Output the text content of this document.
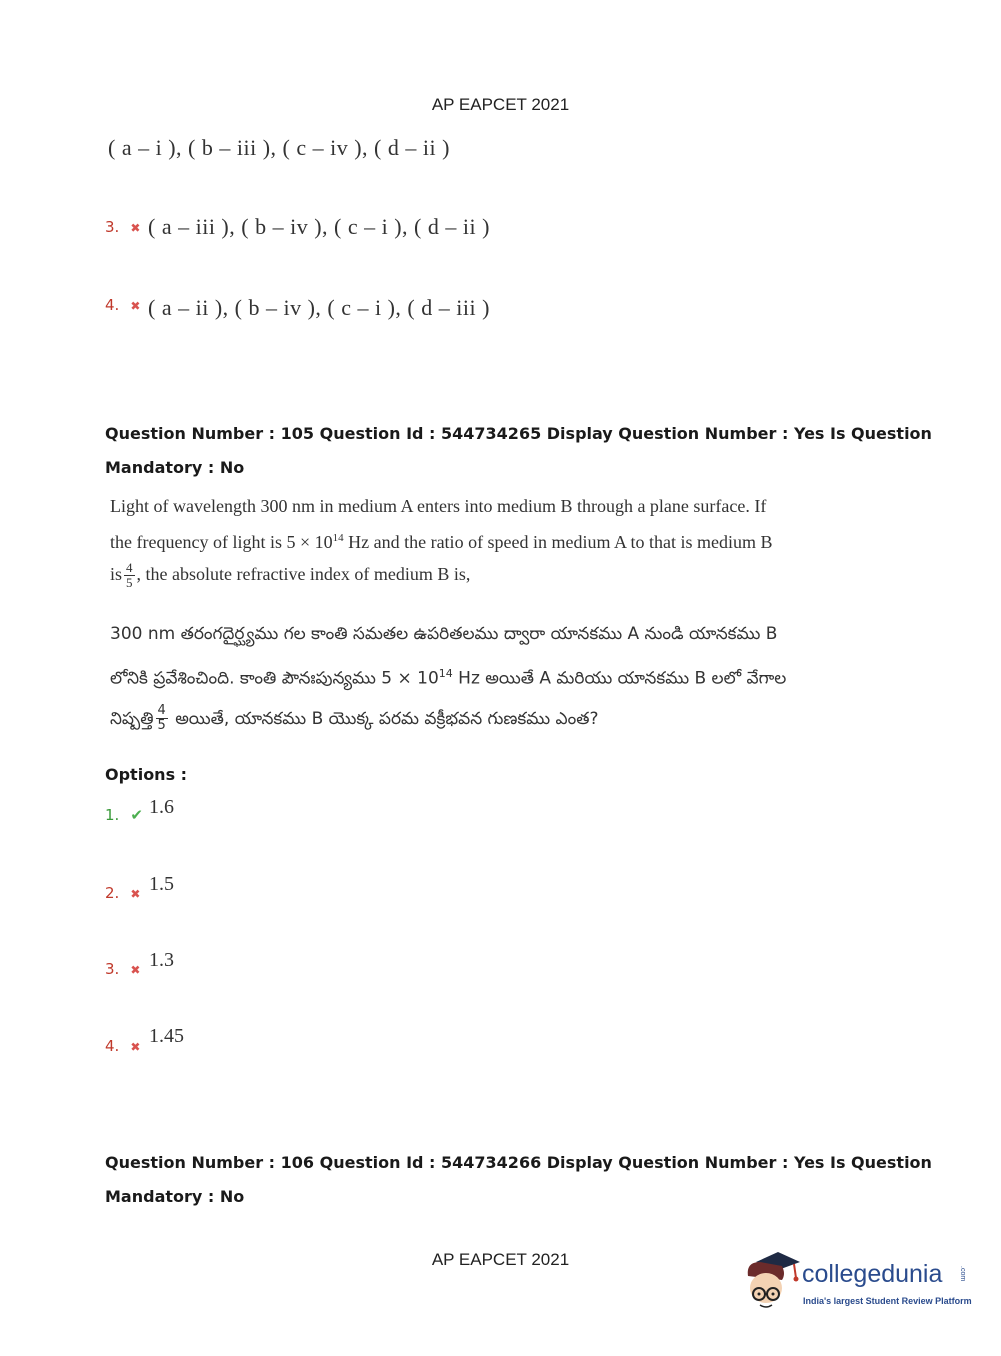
AP EAPCET 2021
( a – i ), ( b – iii ), ( c – iv ), ( d – ii )
3. ✖ ( a – iii ), ( b – iv ), ( c – i ), ( d – ii )
4. ✖ ( a – ii ), ( b – iv ), ( c – i ), ( d – iii )
Question Number : 105 Question Id : 544734265 Display Question Number : Yes Is Question
Mandatory : No
Light of wavelength 300 nm in medium A enters into medium B through a plane surface. If
the frequency of light is $5 \times 10^{14}$ Hz and the ratio of speed in medium A to that is medium B
is $\frac{4}{5}$ , the absolute refractive index of medium B is,
300 nm తరంగదైర్ఘ్యము గల కాంతి సమతల ఉపరితలము ద్వారా యానకము A నుండి యానకము B
లోనికి ప్రవేశించింది. కాంతి పౌనఃపున్యము $5 \times 10^{14}$ Hz అయితే A మరియు యానకము B లలో వేగాల
నిష్పత్తి $\frac{4}{5}$ అయితే, యానకము B యొక్క పరమ వక్రీభవన గుణకము ఎంత?
Options :
1. ✔ 1.6
2. ✖ 1.5
3. ✖ 1.3
4. ✖ 1.45
Question Number : 106 Question Id : 544734266 Display Question Number : Yes Is Question
Mandatory : No
AP EAPCET 2021
collegedunia .com
India's largest Student Review Platform
